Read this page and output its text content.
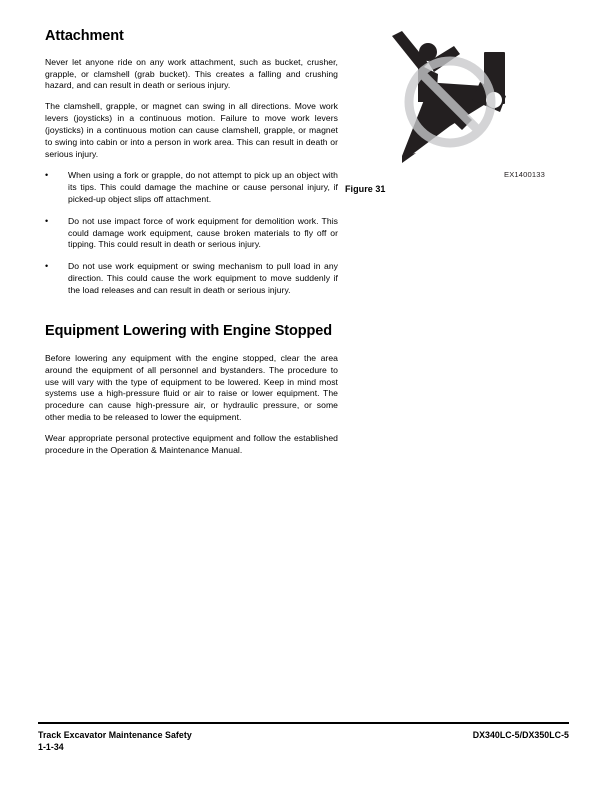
Attachment

Never let anyone ride on any work attachment, such as bucket, crusher, grapple, or clamshell (grab bucket). This creates a falling and crushing hazard, and can result in death or serious injury.

The clamshell, grapple, or magnet can swing in all directions. Move work levers (joysticks) in a continuous motion. Failure to move work levers (joysticks) in a continuous motion can cause clamshell, grapple, or magnet to swing into cabin or into a person in work area. This can result in death or serious injury.

• When using a fork or grapple, do not attempt to pick up an object with its tips. This could damage the machine or cause personal injury, if picked-up object slips off attachment.
• Do not use impact force of work equipment for demolition work. This could damage work equipment, cause broken materials to fly off or tipping. This could result in death or serious injury.
• Do not use work equipment or swing mechanism to pull load in any direction. This could cause the work equipment to move suddenly if the load releases and can result in death or serious injury.
Equipment Lowering with Engine Stopped

Before lowering any equipment with the engine stopped, clear the area around the equipment of all personnel and bystanders. The procedure to use will vary with the type of equipment to be lowered. Keep in mind most systems use a high-pressure fluid or air to raise or lower equipment. The procedure can cause high-pressure air, or hydraulic pressure, or some other media to be released to lower the equipment.

Wear appropriate personal protective equipment and follow the established procedure in the Operation & Maintenance Manual.

EX1400133
Figure 31
Track Excavator Maintenance Safety
1-1-34
DX340LC-5/DX350LC-5
